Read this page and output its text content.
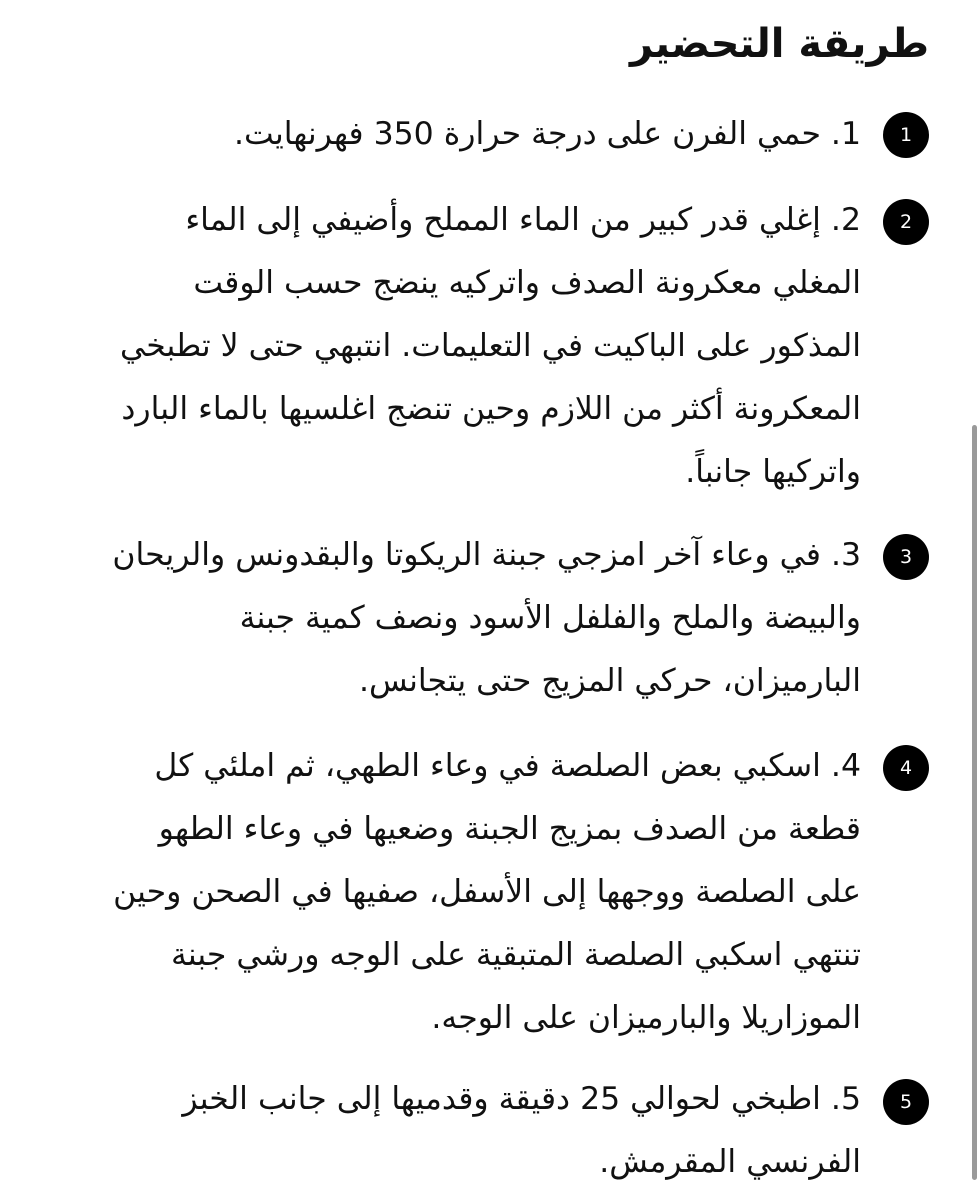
طريقة التحضير
1

1. حمي الفرن على درجة حرارة 350 فهرنهايت.

2

2. إغلي قدر كبير من الماء المملح وأضيفي إلى الماء
المغلي معكرونة الصدف واتركيه ينضج حسب الوقت
المذكور على الباكيت في التعليمات. انتبهي حتى لا تطبخي
المعكرونة أكثر من اللازم وحين تنضج اغلسيها بالماء البارد
واتركيها جانباً.

3

3. في وعاء آخر امزجي جبنة الريكوتا والبقدونس والريحان
والبيضة والملح والفلفل الأسود ونصف كمية جبنة
البارميزان، حركي المزيج حتى يتجانس.

4

4. اسكبي بعض الصلصة في وعاء الطهي، ثم املئي كل
قطعة من الصدف بمزيج الجبنة وضعيها في وعاء الطهو
على الصلصة ووجهها إلى الأسفل، صفيها في الصحن وحين
تنتهي اسكبي الصلصة المتبقية على الوجه ورشي جبنة
الموزاريلا والبارميزان على الوجه.

5

5. اطبخي لحوالي 25 دقيقة وقدميها إلى جانب الخبز
الفرنسي المقرمش.
